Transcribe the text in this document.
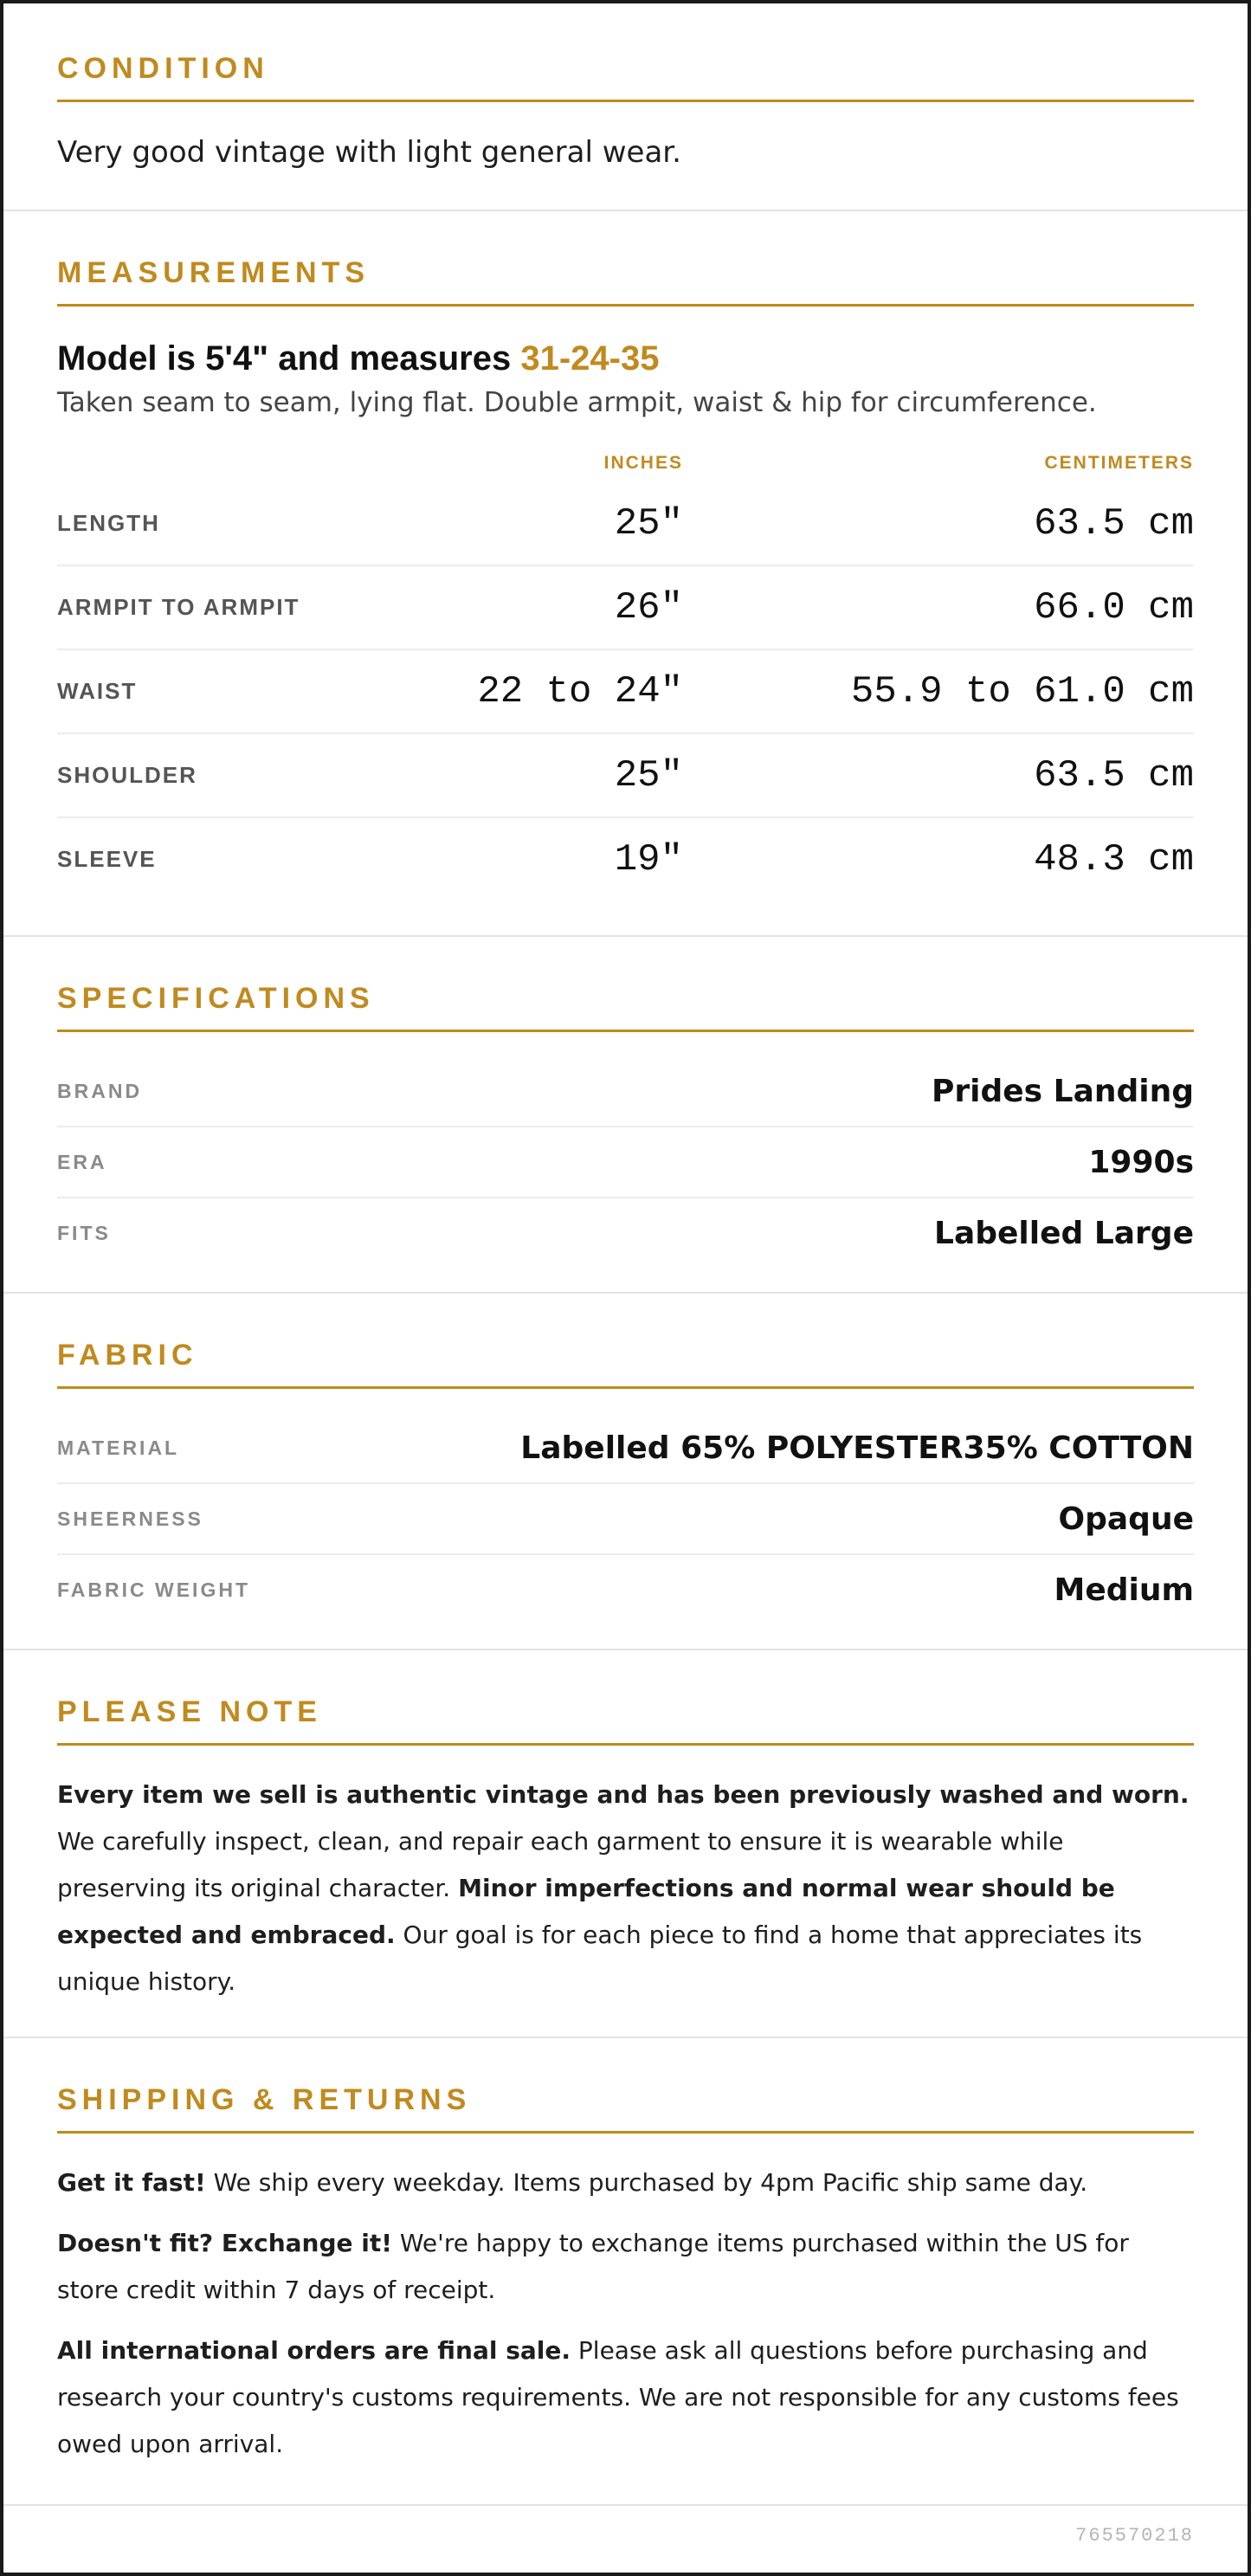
CONDITION
Very good vintage with light general wear.
MEASUREMENTS
Model is 5'4" and measures 31-24-35
Taken seam to seam, lying flat. Double armpit, waist & hip for circumference.
INCHES	CENTIMETERS
LENGTH	25"	63.5 cm
ARMPIT TO ARMPIT	26"	66.0 cm
WAIST	22 to 24"	55.9 to 61.0 cm
SHOULDER	25"	63.5 cm
SLEEVE	19"	48.3 cm
SPECIFICATIONS
BRAND	Prides Landing
ERA	1990s
FITS	Labelled Large
FABRIC
MATERIAL	Labelled 65% POLYESTER35% COTTON
SHEERNESS	Opaque
FABRIC WEIGHT	Medium
PLEASE NOTE

Every item we sell is authentic vintage and has been previously washed and worn. We carefully inspect, clean, and repair each garment to ensure it is wearable while preserving its original character. Minor imperfections and normal wear should be expected and embraced. Our goal is for each piece to find a home that appreciates its unique history.

SHIPPING & RETURNS

Get it fast! We ship every weekday. Items purchased by 4pm Pacific ship same day.

Doesn't fit? Exchange it! We're happy to exchange items purchased within the US for store credit within 7 days of receipt.

All international orders are final sale. Please ask all questions before purchasing and research your country's customs requirements. We are not responsible for any customs fees owed upon arrival.

765570218
